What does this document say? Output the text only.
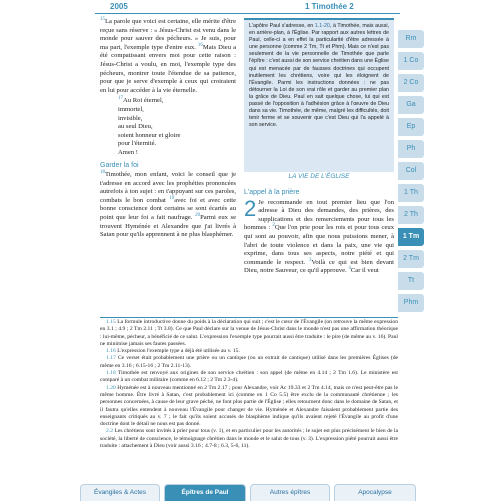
2005	1 Timothée 2

$^{15}$La parole que voici est certaine, elle mérite d'être reçue sans réserve : « Jésus-Christ est venu dans le monde pour sauver des pécheurs. » Je suis, pour ma part, l'exemple type d'entre eux. $^{16}$Mais Dieu a été compatissant envers moi pour cette raison : Jésus-Christ a voulu, en moi, l'exemple type des pécheurs, montrer toute l'étendue de sa patience, pour que je serve d'exemple à ceux qui croiraient en lui pour accéder à la vie éternelle.

$^{17}$Au Roi éternel,
immortel,
invisible,
au seul Dieu,
soient honneur et gloire
pour l'éternité.
Amen !
Garder la foi

$^{18}$Timothée, mon enfant, voici le conseil que je t'adresse en accord avec les prophéties prononcées autrefois à ton sujet : en t'appuyant sur ces paroles, combats le bon combat $^{19}$avec foi et avec cette bonne conscience dont certains se sont écartés au point que leur foi a fait naufrage. $^{20}$Parmi eux se trouvent Hyménée et Alexandre que j'ai livrés à Satan pour qu'ils apprennent à ne plus blasphémer.

L'apôtre Paul s'adresse, en 1.1-20, à Timothée, mais aussi, en arrière-plan, à l'Église. Par rapport aux autres lettres de Paul, celle-ci a en effet la particularité d'être adressée à une personne (comme 2 Tm, Tt et Phm). Mais ce n'est pas seulement de la vie personnelle de Timothée que parle l'épître : c'est aussi de son service chrétien dans une Église qui est menacée par de fausses doctrines qui occupent inutilement les chrétiens, voire qui les éloignent de l'Évangile. Parmi les instructions données : ne pas détourner la Loi de son vrai rôle et garder au premier plan la grâce de Dieu. Paul en sait quelque chose, lui qui est passé de l'opposition à l'adhésion grâce à l'œuvre de Dieu dans sa vie. Timothée, de même, malgré les difficultés, doit tenir ferme et se souvenir que c'est Dieu qui l'a appelé à son service.
LA VIE DE L'ÉGLISE
L'appel à la prière

2 Je recommande en tout premier lieu que l'on adresse à Dieu des demandes, des prières, des supplications et des remerciements pour tous les hommes : $^2$Que l'on prie pour les rois et pour tous ceux qui sont au pouvoir, afin que nous puissions mener, à l'abri de toute violence et dans la paix, une vie qui exprime, dans tous ses aspects, notre piété et qui commande le respect. $^3$Voilà ce qui est bien devant Dieu, notre Sauveur, ce qu'il approuve. $^4$Car il veut

Rm
1 Co
2 Co
Ga
Ep
Ph
Col
1 Th
2 Th
1 Tm
2 Tm
Tt
Phm

1.15 La formule introductive donne du poids à la déclaration qui suit ; c'est le cœur de l'Évangile (on retrouve la même expression en 3.1 ; 4.9 ; 2 Tm 2.11 ; Tt 3.8). Ce que Paul déclare sur la venue de Jésus-Christ dans le monde n'est pas une affirmation théorique : lui-même, pécheur, a bénéficié de ce salut. L'expression l'exemple type pourrait aussi être traduite : le pire (de même au v. 16). Paul ne minimise jamais ses fautes passées.

1.16 L'expression l'exemple type a déjà été utilisée au v. 15.

1.17 Ce verset était probablement une prière ou un cantique (ou un extrait de cantique) utilisé dans les premières Églises (de même en 3.16 ; 6.15-16 ; 2 Tm 2.11-13).

1.18 Timothée est renvoyé aux origines de son service chrétien : son appel (de même en 4.14 ; 2 Tm 1.6). Le ministère est comparé à un combat militaire (comme en 6.12 ; 2 Tm 2.3-4).

1.20 Hyménée est à nouveau mentionné en 2 Tm 2.17 ; pour Alexandre, voir Ac 19.33 et 2 Tm 4.14, mais ce n'est peut-être pas le même homme. Être livré à Satan, c'est probablement ici (comme en 1 Co 5.5) être exclu de la communauté chrétienne ; les personnes concernées, à cause de leur grave péché, ne font plus partie de l'Église ; elles retournent donc dans le domaine de Satan, et il fautra qu'elles entendent à nouveau l'Évangile pour changer de vie. Hyménée et Alexandre faisaient probablement partie des enseignants critiqués au v. 7 ; le fait qu'ils soient accusés de blasphème indique qu'ils avaient rejeté l'Évangile au profit d'une doctrine dont le détail ne nous est pas donné.

2.2 Les chrétiens sont invités à prier pour tous (v. 1), et en particulier pour les autorités ; le sujet est plus précisément le bien de la société, la liberté de conscience, le témoignage chrétien dans le monde et le salut de tous (v. 3). L'expression piété pourrait aussi être traduite : attachement à Dieu (voir aussi 3.16 ; 4.7-8 ; 6.3, 5-6, 11).

Évangiles & Actes	Épîtres de Paul	Autres épîtres	Apocalypse
